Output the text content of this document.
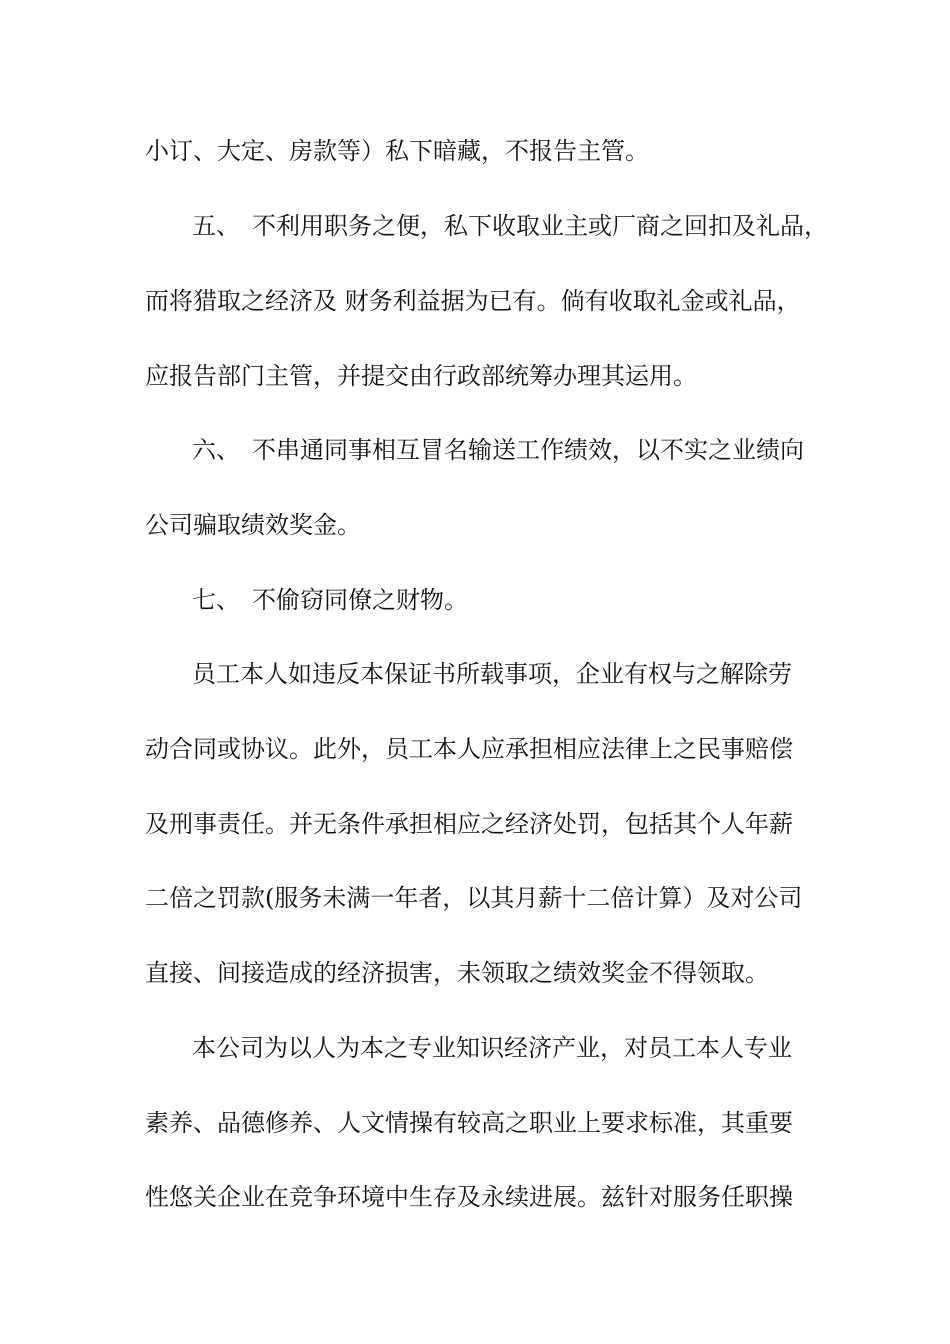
小订、大定、房款等）私下暗藏，不报告主管。
五、　不利用职务之便，私下收取业主或厂商之回扣及礼品，
而将猎取之经济及 财务利益据为已有。倘有收取礼金或礼品，
应报告部门主管，并提交由行政部统筹办理其运用。
六、　不串通同事相互冒名输送工作绩效，以不实之业绩向
公司骗取绩效奖金。
七、　不偷窃同僚之财物。
员工本人如违反本保证书所载事项，企业有权与之解除劳
动合同或协议。此外，员工本人应承担相应法律上之民事赔偿
及刑事责任。并无条件承担相应之经济处罚，包括其个人年薪
二倍之罚款(服务未满一年者，以其月薪十二倍计算）及对公司
直接、间接造成的经济损害，未领取之绩效奖金不得领取。
本公司为以人为本之专业知识经济产业，对员工本人专业
素养、品德修养、人文情操有较高之职业上要求标准，其重要
性悠关企业在竞争环境中生存及永续进展。兹针对服务任职操
